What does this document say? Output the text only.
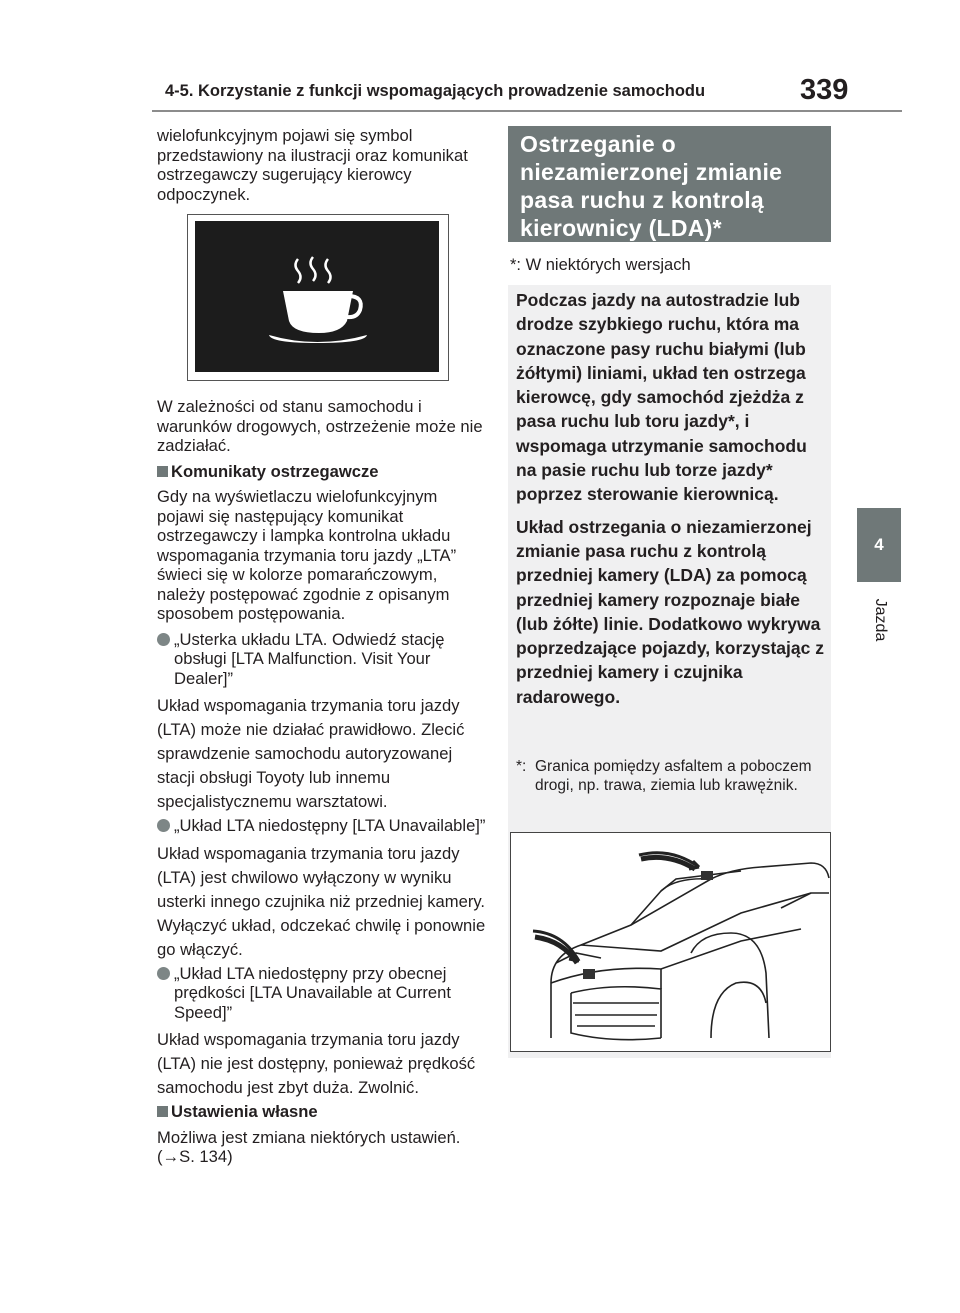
4-5. Korzystanie z funkcji wspomagających prowadzenie samochodu	339
4
Jazda

wielofunkcyjnym pojawi się symbol przedstawiony na ilustracji oraz komunikat ostrzegawczy sugerujący kierowcy odpoczynek.

W zależności od stanu samochodu i warunków drogowych, ostrzeżenie może nie zadziałać.

Komunikaty ostrzegawcze

Gdy na wyświetlaczu wielofunkcyjnym pojawi się następujący komunikat ostrzegawczy i lampka kontrolna układu wspomagania trzymania toru jazdy „LTA” świeci się w kolorze pomarańczowym, należy postępować zgodnie z opisanym sposobem postępowania.

„Usterka układu LTA. Odwiedź stację obsługi [LTA Malfunction. Visit Your Dealer]”

Układ wspomagania trzymania toru jazdy (LTA) może nie działać prawidłowo. Zlecić sprawdzenie samochodu autoryzowanej stacji obsługi Toyoty lub innemu specjalistycznemu warsztatowi.

„Układ LTA niedostępny [LTA Unavailable]”

Układ wspomagania trzymania toru jazdy (LTA) jest chwilowo wyłączony w wyniku usterki innego czujnika niż przedniej kamery. Wyłączyć układ, odczekać chwilę i ponownie go włączyć.

„Układ LTA niedostępny przy obecnej prędkości [LTA Unavailable at Current Speed]”

Układ wspomagania trzymania toru jazdy (LTA) nie jest dostępny, ponieważ prędkość samochodu jest zbyt duża. Zwolnić.

Ustawienia własne

Możliwa jest zmiana niektórych ustawień. (→S. 134)

Ostrzeganie o niezamierzonej zmianie pasa ruchu z kontrolą kierownicy (LDA)*
*: W niektórych wersjach

Podczas jazdy na autostradzie lub drodze szybkiego ruchu, która ma oznaczone pasy ruchu białymi (lub żółtymi) liniami, układ ten ostrzega kierowcę, gdy samochód zjeżdża z pasa ruchu lub toru jazdy*, i wspomaga utrzymanie samochodu na pasie ruchu lub torze jazdy* poprzez sterowanie kierownicą.

Układ ostrzegania o niezamierzonej zmianie pasa ruchu z kontrolą przedniej kamery (LDA) za pomocą przedniej kamery rozpoznaje białe (lub żółte) linie. Dodatkowo wykrywa poprzedzające pojazdy, korzystając z przedniej kamery i czujnika radarowego.

*: Granica pomiędzy asfaltem a poboczem drogi, np. trawa, ziemia lub krawężnik.
